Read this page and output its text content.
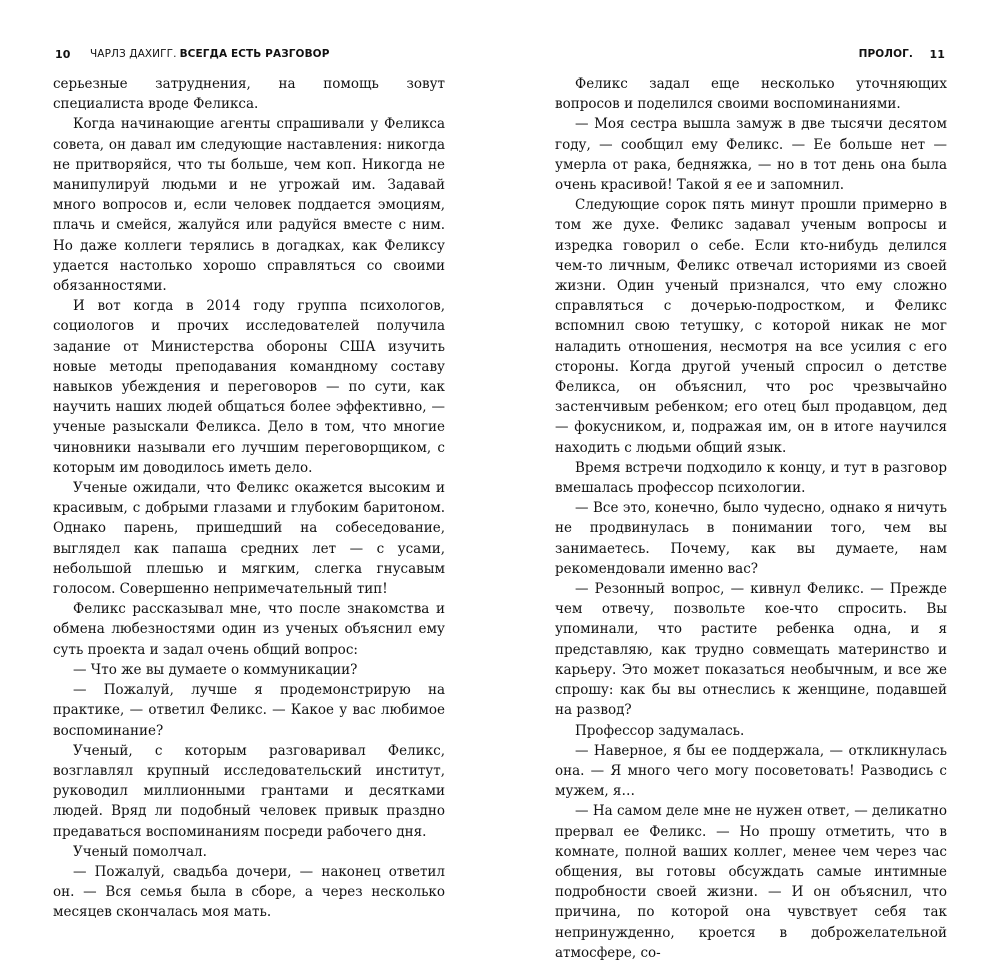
10 ЧАРЛЗ ДАХИГГ. ВСЕГДА ЕСТЬ РАЗГОВОР

серьезные затруднения, на помощь зовут специалиста вроде Феликса.

Когда начинающие агенты спрашивали у Феликса совета, он давал им следующие наставления: никогда не притворяйся, что ты больше, чем коп. Никогда не манипулируй людьми и не угрожай им. Задавай много вопросов и, если человек поддается эмоциям, плачь и смейся, жалуйся или радуйся вместе с ним. Но даже коллеги терялись в догадках, как Феликсу удается настолько хорошо справляться со своими обязанностями.

И вот когда в 2014 году группа психологов, социологов и прочих исследователей получила задание от Министерства обороны США изучить новые методы преподавания командному составу навыков убеждения и переговоров — по сути, как научить наших людей общаться более эффективно, — ученые разыскали Феликса. Дело в том, что многие чиновники называли его лучшим переговорщиком, с которым им доводилось иметь дело.

Ученые ожидали, что Феликс окажется высоким и красивым, с добрыми глазами и глубоким баритоном. Однако парень, пришедший на собеседование, выглядел как папаша средних лет — с усами, небольшой плешью и мягким, слегка гнусавым голосом. Совершенно непримечательный тип!

Феликс рассказывал мне, что после знакомства и обмена любезностями один из ученых объяснил ему суть проекта и задал очень общий вопрос:

— Что же вы думаете о коммуникации?

— Пожалуй, лучше я продемонстрирую на практике, — ответил Феликс. — Какое у вас любимое воспоминание?

Ученый, с которым разговаривал Феликс, возглавлял крупный исследовательский институт, руководил миллионными грантами и десятками людей. Вряд ли подобный человек привык праздно предаваться воспоминаниям посреди рабочего дня.

Ученый помолчал.

— Пожалуй, свадьба дочери, — наконец ответил он. — Вся семья была в сборе, а через несколько месяцев скончалась моя мать.

ПРОЛОГ. 11

Феликс задал еще несколько уточняющих вопросов и поделился своими воспоминаниями.

— Моя сестра вышла замуж в две тысячи десятом году, — сообщил ему Феликс. — Ее больше нет — умерла от рака, бедняжка, — но в тот день она была очень красивой! Такой я ее и запомнил.

Следующие сорок пять минут прошли примерно в том же духе. Феликс задавал ученым вопросы и изредка говорил о себе. Если кто-нибудь делился чем-то личным, Феликс отвечал историями из своей жизни. Один ученый признался, что ему сложно справляться с дочерью-подростком, и Феликс вспомнил свою тетушку, с которой никак не мог наладить отношения, несмотря на все усилия с его стороны. Когда другой ученый спросил о детстве Феликса, он объяснил, что рос чрезвычайно застенчивым ребенком; его отец был продавцом, дед — фокусником, и, подражая им, он в итоге научился находить с людьми общий язык.

Время встречи подходило к концу, и тут в разговор вмешалась профессор психологии.

— Все это, конечно, было чудесно, однако я ничуть не продвинулась в понимании того, чем вы занимаетесь. Почему, как вы думаете, нам рекомендовали именно вас?

— Резонный вопрос, — кивнул Феликс. — Прежде чем отвечу, позвольте кое-что спросить. Вы упоминали, что растите ребенка одна, и я представляю, как трудно совмещать материнство и карьеру. Это может показаться необычным, и все же спрошу: как бы вы отнеслись к женщине, подавшей на развод?

Профессор задумалась.

— Наверное, я бы ее поддержала, — откликнулась она. — Я много чего могу посоветовать! Разводись с мужем, я…

— На самом деле мне не нужен ответ, — деликатно прервал ее Феликс. — Но прошу отметить, что в комнате, полной ваших коллег, менее чем через час общения, вы готовы обсуждать самые интимные подробности своей жизни. — И он объяснил, что причина, по которой она чувствует себя так непринужденно, кроется в доброжелательной атмосфере, со-
